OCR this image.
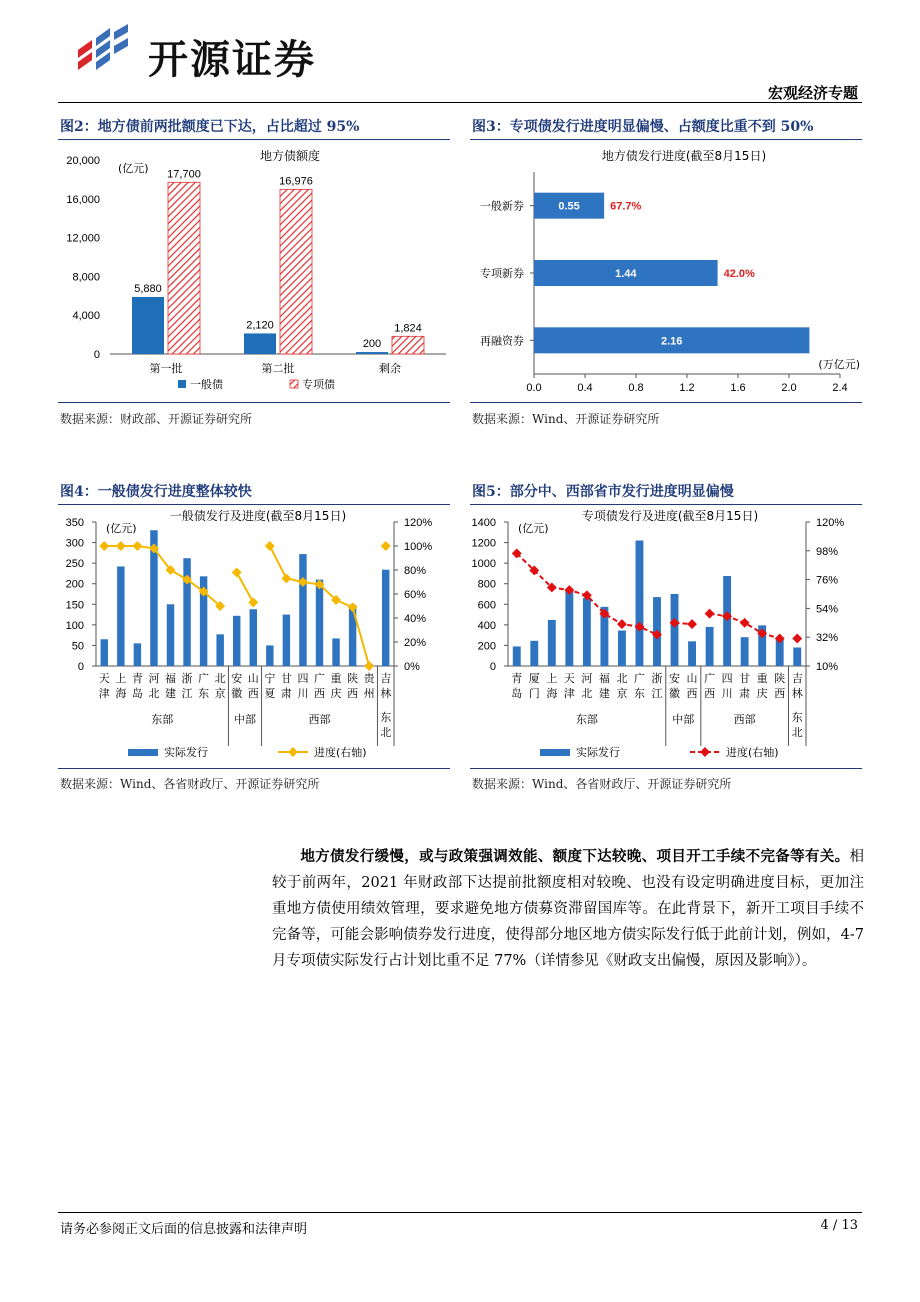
开源证券
宏观经济专题
图2：地方债前两批额度已下达，占比超过 95%
地方债额度
(亿元)
20,000
16,000
12,000
8,000
4,000
0
第一批
5,880
17,700
第二批
2,120
16,976
剩余
200
1,824
一般债	专项债
数据来源：财政部、开源证券研究所
图3：专项债发行进度明显偏慢、占额度比重不到 50%
地方债发行进度(截至8月15日)
0.0	0.4	0.8	1.2	1.6	2.0	2.4
(万亿元)
一般新券	0.55	67.7%
专项新券	1.44	42.0%
再融资券	2.16
数据来源：Wind、开源证券研究所
图4：一般债发行进度整体较快
一般债发行及进度(截至8月15日)
(亿元)
350
300
250
200
150
100
50
0
120%
100%
80%
60%
40%
20%
0%
天
津
上
海
青
岛
河
北
福
建
浙
江
广
东
北
京
安
徽
山
西
宁
夏
甘
肃
四
川
广
西
重
庆
陕
西
贵
州
吉
林
东部	中部	西部	东
北
实际发行	进度(右轴)
数据来源：Wind、各省财政厅、开源证券研究所
图5：部分中、西部省市发行进度明显偏慢
专项债发行及进度(截至8月15日)
(亿元)
1400
1200
1000
800
600
400
200
0
120%
98%
76%
54%
32%
10%
青
岛
厦
门
上
海
天
津
河
北
福
建
北
京
广
东
浙
江
安
徽
山
西
广
西
四
川
甘
肃
重
庆
陕
西
吉
林
东部	中部	西部	东
北
实际发行	进度(右轴)
数据来源：Wind、各省财政厅、开源证券研究所
地方债发行缓慢，或与政策强调效能、额度下达较晚、项目开工手续不完备等有关。相较于前两年，2021 年财政部下达提前批额度相对较晚、也没有设定明确进度目标，更加注重地方债使用绩效管理，要求避免地方债募资滞留国库等。在此背景下，新开工项目手续不完备等，可能会影响债券发行进度，使得部分地区地方债实际发行低于此前计划，例如，4-7 月专项债实际发行占计划比重不足 77%（详情参见《财政支出偏慢，原因及影响》）。
请务必参阅正文后面的信息披露和法律声明	4 / 13
